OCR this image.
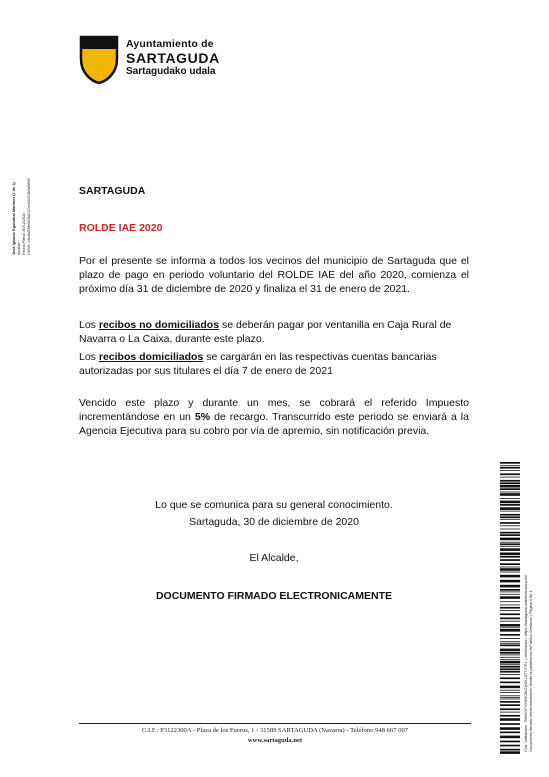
Ayuntamiento de
SARTAGUDA
Sartagudako udala
José Ignacio Eguizabal Martínez (1 de 1) Alcalde Fecha Firma: 30/12/2020 HASH: e9c6a538ebf2bd147ec53015b9d9658	SARTAGUDA
ROLDE IAE 2020
Por el presente se informa a todos los vecinos del municipio de Sartaguda que el plazo de pago en periodo voluntario del ROLDE IAE del año 2020, comienza el próximo día 31 de diciembre de 2020 y finaliza el 31 de enero de 2021.
Los recibos no domiciliados se deberán pagar por ventanilla en Caja Rural de Navarra o La Caixa, durante este plazo.
Los recibos domiciliados se cargarán en las respectivas cuentas bancarias autorizadas por sus titulares el día 7 de enero de 2021
Vencido este plazo y durante un mes, se cobrará el referido Impuesto incrementándose en un 5% de recargo. Transcurrido este periodo se enviará a la Agencia Ejecutiva para su cobro por vía de apremio, sin notificación previa.
Lo que se comunica para su general conocimiento.
Sartaguda, 30 de diciembre de 2020
El Alcalde,
DOCUMENTO FIRMADO ELECTRONICAMENTE
C.I.F.: P3122300A - Plaza de los Fueros, 1 - 31589 SARTAGUDA (Navarra) - Teléfono 948 667 007
www.sartaguda.net	Cód. Validación: 7M6KDPHY6WJWGM3XL3TTJ7P2 | Verificación: https://sartaguda.sedelectronica.es/ Documento firmado electrónicamente desde la plataforma esPublico Gestiona | Página 1 de 1
